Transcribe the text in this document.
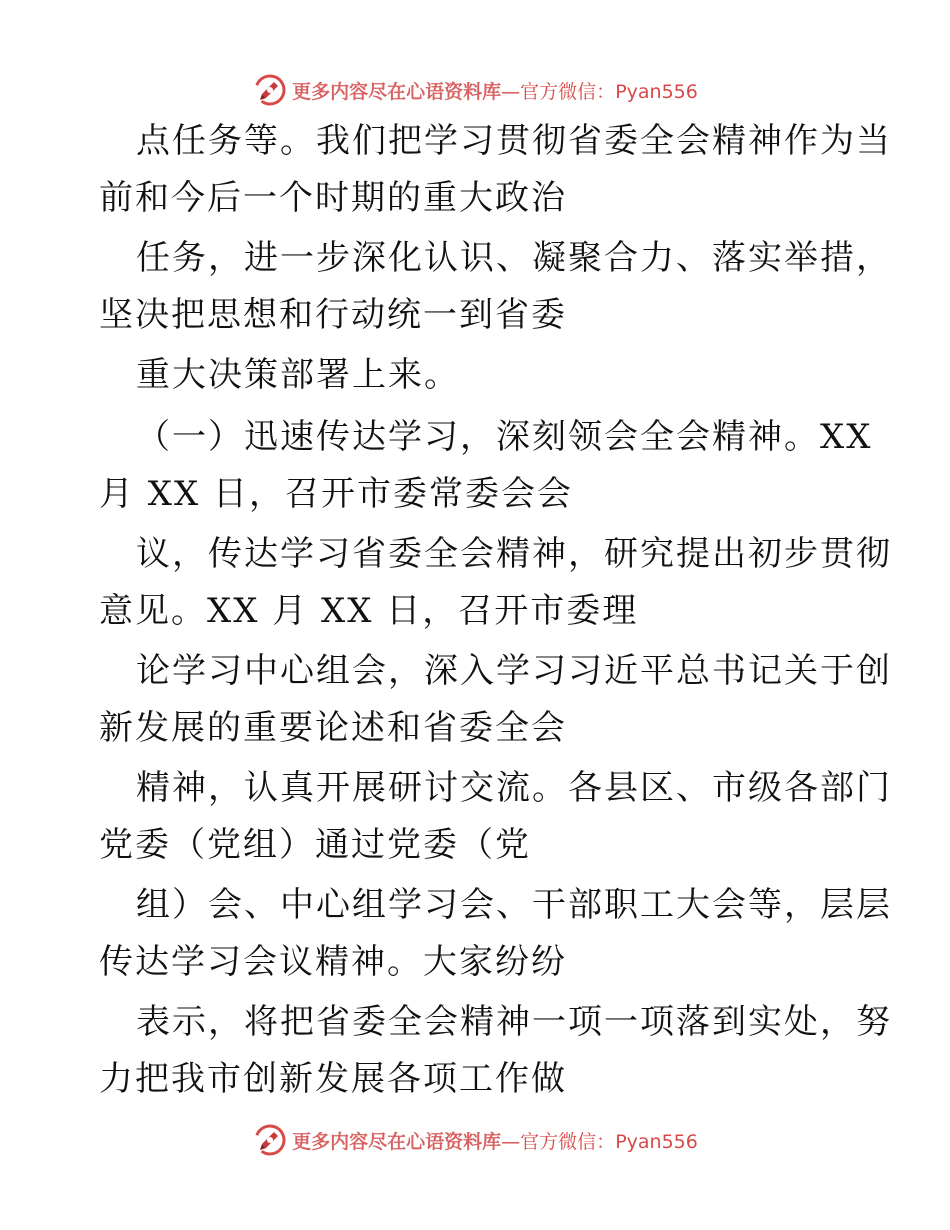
更多内容尽在心语资料库—官方微信：Pyan556
点任务等。我们把学习贯彻省委全会精神作为当
前和今后一个时期的重大政治
任务，进一步深化认识、凝聚合力、落实举措，
坚决把思想和行动统一到省委
重大决策部署上来。
（一）迅速传达学习，深刻领会全会精神。XX
月 XX 日，召开市委常委会会
议，传达学习省委全会精神，研究提出初步贯彻
意见。XX 月 XX 日，召开市委理
论学习中心组会，深入学习习近平总书记关于创
新发展的重要论述和省委全会
精神，认真开展研讨交流。各县区、市级各部门
党委（党组）通过党委（党
组）会、中心组学习会、干部职工大会等，层层
传达学习会议精神。大家纷纷
表示，将把省委全会精神一项一项落到实处，努
力把我市创新发展各项工作做
更多内容尽在心语资料库—官方微信：Pyan556
